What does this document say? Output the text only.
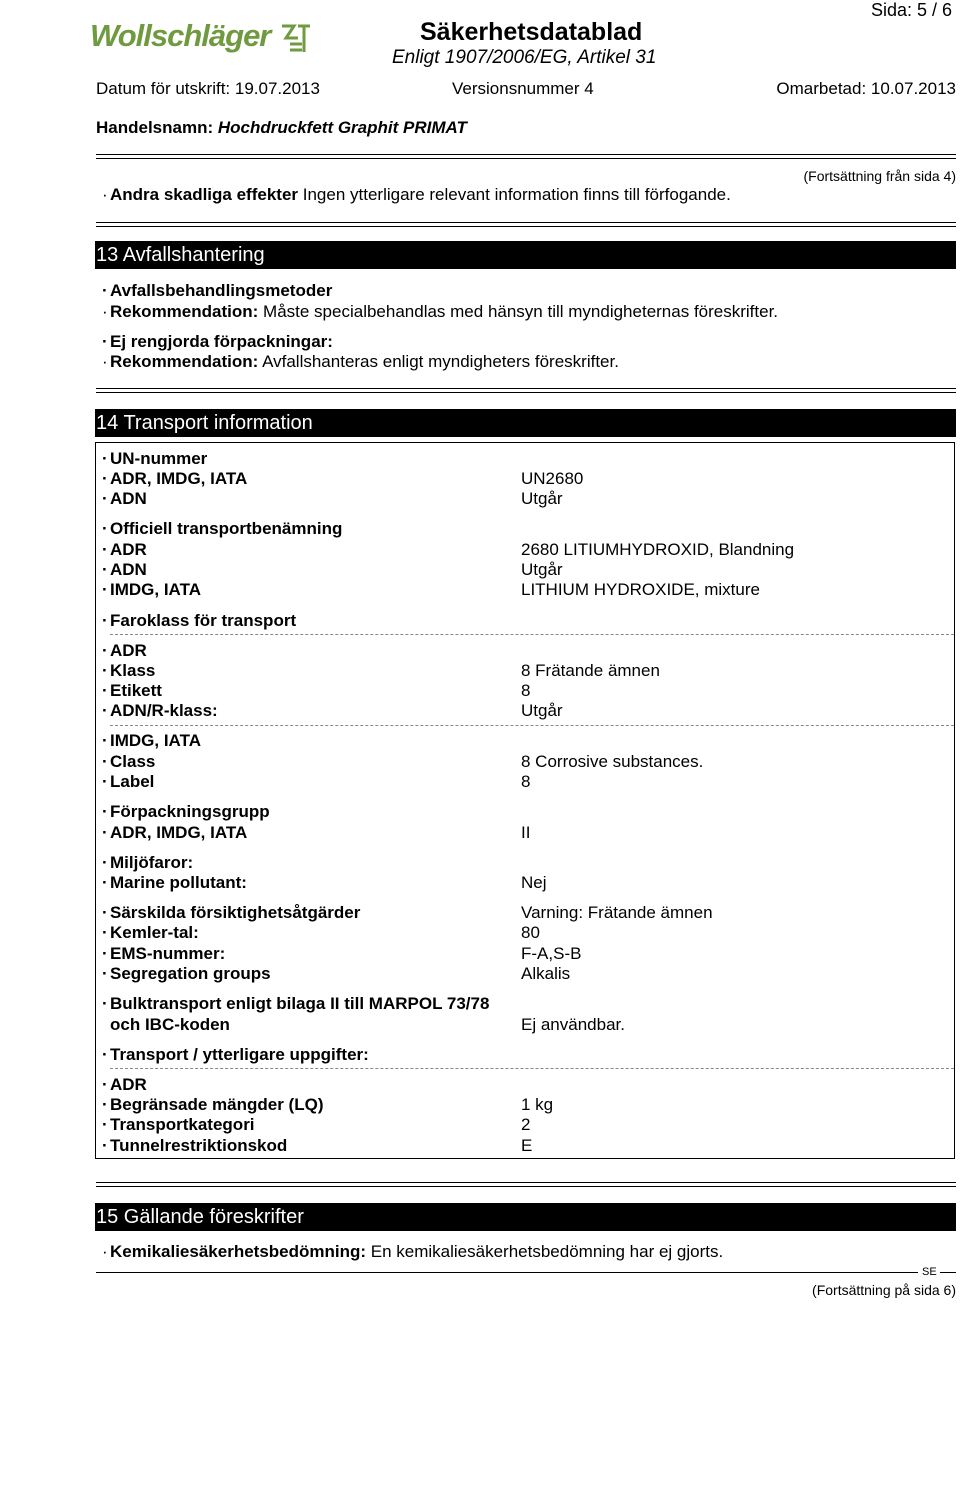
Wollschläger	Säkerhetsdatablad
Enligt 1907/2006/EG, Artikel 31
Sida: 5 / 6
Datum för utskrift: 19.07.2013	Versionsnummer 4	Omarbetad: 10.07.2013
Handelsnamn: Hochdruckfett Graphit PRIMAT
(Fortsättning från sida 4)
· Andra skadliga effekter Ingen ytterligare relevant information finns till förfogande.
13 Avfallshantering
· Avfallsbehandlingsmetoder
· Rekommendation: Måste specialbehandlas med hänsyn till myndigheternas föreskrifter.
· Ej rengjorda förpackningar:
· Rekommendation: Avfallshanteras enligt myndigheters föreskrifter.
14 Transport information
· UN-nummer
· ADR, IMDG, IATA	UN2680
· ADN	Utgår
· Officiell transportbenämning
· ADR	2680 LITIUMHYDROXID, Blandning
· ADN	Utgår
· IMDG, IATA	LITHIUM HYDROXIDE, mixture
· Faroklass för transport
· ADR
· Klass	8 Frätande ämnen
· Etikett	8
· ADN/R-klass:	Utgår
· IMDG, IATA
· Class	8 Corrosive substances.
· Label	8
· Förpackningsgrupp
· ADR, IMDG, IATA	II
· Miljöfaror:
· Marine pollutant:	Nej
· Särskilda försiktighetsåtgärder	Varning: Frätande ämnen
· Kemler-tal:	80
· EMS-nummer:	F-A,S-B
· Segregation groups	Alkalis
· Bulktransport enligt bilaga II till MARPOL 73/78
och IBC-koden	Ej användbar.
· Transport / ytterligare uppgifter:
· ADR
· Begränsade mängder (LQ)	1 kg
· Transportkategori	2
· Tunnelrestriktionskod	E
15 Gällande föreskrifter
· Kemikaliesäkerhetsbedömning: En kemikaliesäkerhetsbedömning har ej gjorts.
SE
(Fortsättning på sida 6)
